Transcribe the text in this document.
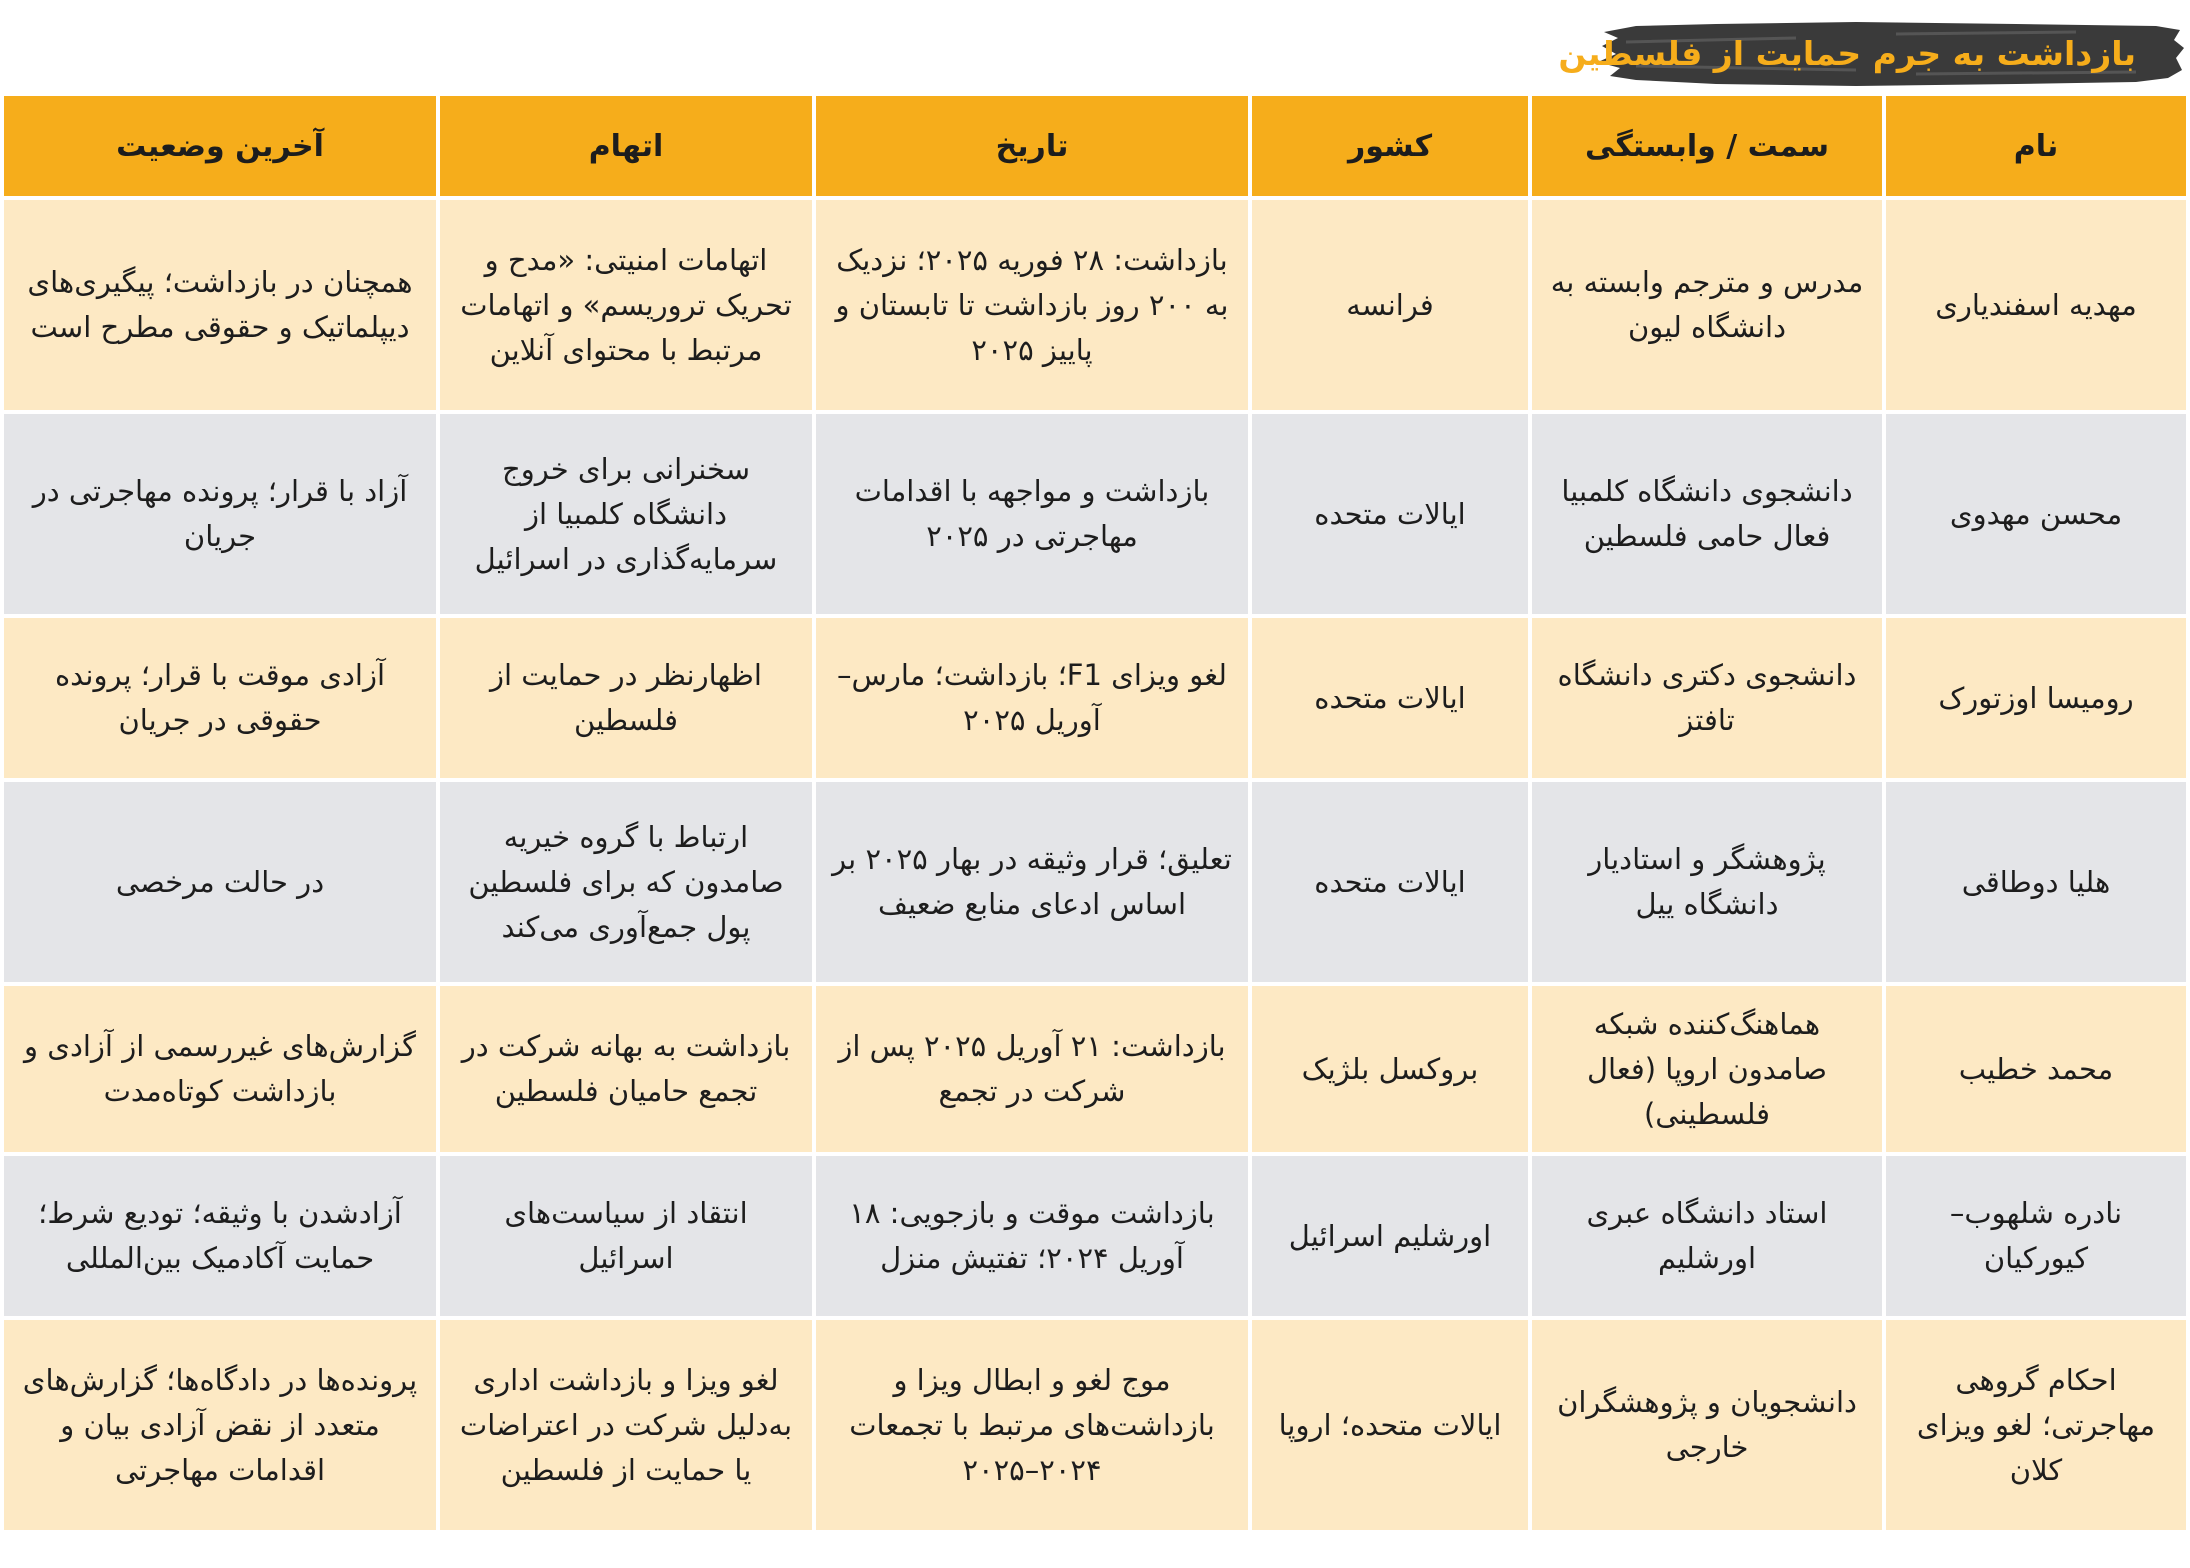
بازداشت به جرم حمایت از فلسطین
نام	سمت / وابستگی	کشور	تاریخ	اتهام	آخرین وضعیت
مهدیه اسفندیاری	مدرس و مترجم وابسته به دانشگاه لیون	فرانسه	بازداشت: ۲۸ فوریه ۲۰۲۵؛ نزدیک به ۲۰۰ روز بازداشت تا تابستان و پاییز ۲۰۲۵	اتهامات امنیتی: «مدح و تحریک تروریسم» و اتهامات مرتبط با محتوای آنلاین	همچنان در بازداشت؛ پیگیری‌های دیپلماتیک و حقوقی مطرح است
محسن مهدوی	دانشجوی دانشگاه کلمبیا فعال حامی فلسطین	ایالات متحده	بازداشت و مواجهه با اقدامات مهاجرتی در ۲۰۲۵	سخنرانی برای خروج دانشگاه کلمبیا از سرمایه‌گذاری در اسرائیل	آزاد با قرار؛ پرونده مهاجرتی در جریان
رومیسا اوزتورک	دانشجوی دکتری دانشگاه تافتز	ایالات متحده	لغو ویزای F1؛ بازداشت؛ مارس–آوریل ۲۰۲۵	اظهارنظر در حمایت از فلسطین	آزادی موقت با قرار؛ پرونده حقوقی در جریان
هلیا دوطاقی	پژوهشگر و استادیار دانشگاه ییل	ایالات متحده	تعلیق؛ قرار وثیقه در بهار ۲۰۲۵ بر اساس ادعای منابع ضعیف	ارتباط با گروه خیریه صامدون که برای فلسطین پول جمع‌آوری می‌کند	در حالت مرخصی
محمد خطیب	هماهنگ‌کننده شبکه صامدون اروپا (فعال فلسطینی)	بروکسل بلژیک	بازداشت: ۲۱ آوریل ۲۰۲۵ پس از شرکت در تجمع	بازداشت به بهانه شرکت در تجمع حامیان فلسطین	گزارش‌های غیررسمی از آزادی و بازداشت کوتاه‌مدت
نادره شلهوب–کیورکیان	استاد دانشگاه عبری اورشلیم	اورشلیم اسرائیل	بازداشت موقت و بازجویی: ۱۸ آوریل ۲۰۲۴؛ تفتیش منزل	انتقاد از سیاست‌های اسرائیل	آزادشدن با وثیقه؛ تودیع شرط؛ حمایت آکادمیک بین‌المللی
احکام گروهی مهاجرتی؛ لغو ویزای کلان	دانشجویان و پژوهشگران خارجی	ایالات متحده؛ اروپا	موج لغو و ابطال ویزا و بازداشت‌های مرتبط با تجمعات ۲۰۲۴–۲۰۲۵	لغو ویزا و بازداشت اداری به‌دلیل شرکت در اعتراضات یا حمایت از فلسطین	پرونده‌ها در دادگاه‌ها؛ گزارش‌های متعدد از نقض آزادی بیان و اقدامات مهاجرتی
